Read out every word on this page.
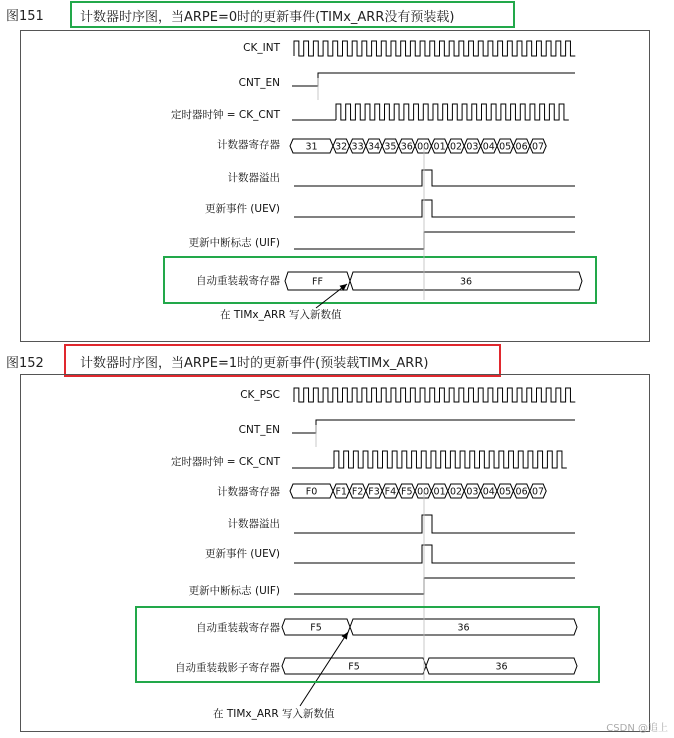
图151	计数器时序图，当ARPE=0时的更新事件(TIMx_ARR没有预装载)
CK_INT
CNT_EN
定时器时钟 = CK_CNT
计数器寄存器
计数器溢出
更新事件 (UEV)
更新中断标志 (UIF)
自动重装载寄存器
31 32 33 34 35 36 00 01 02 03 04 05 06 07
FF	36
F0 F1 F2 F3 F4 F5 00 01 02 03 04 05 06 07
F5	36
F5	36
在 TIMx_ARR 写入新数值
图152	计数器时序图，当ARPE=1时的更新事件(预装载TIMx_ARR)
CK_PSC
CNT_EN
定时器时钟 = CK_CNT
计数器寄存器
计数器溢出
更新事件 (UEV)
更新中断标志 (UIF)
自动重装载寄存器
自动重装载影子寄存器
在 TIMx_ARR 写入新数值
CSDN @追上
